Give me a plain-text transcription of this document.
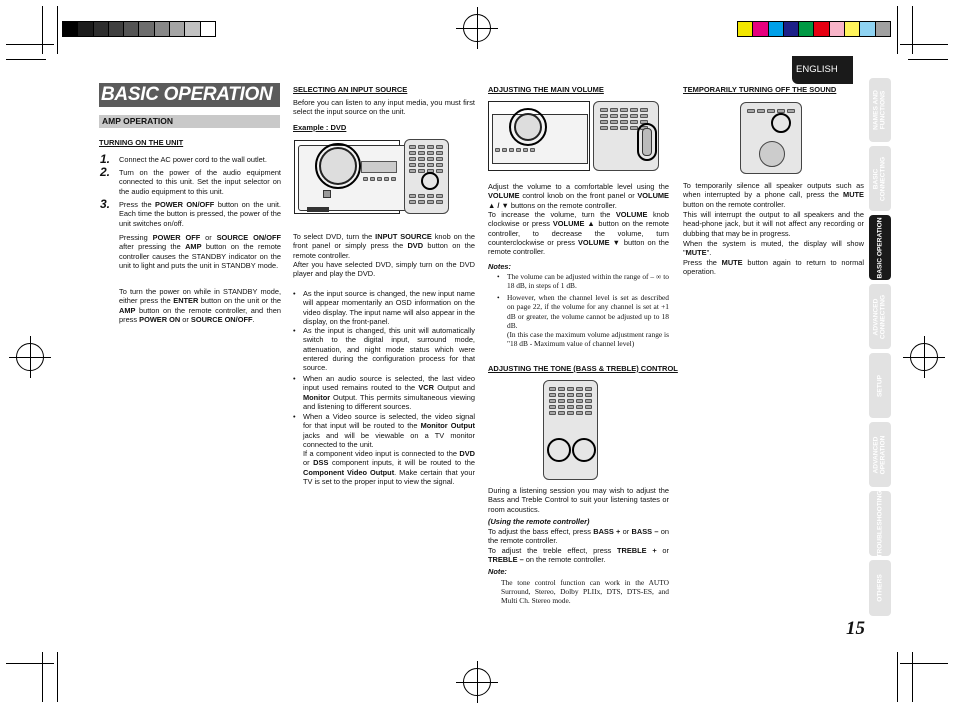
ENGLISH
BASIC OPERATION
AMP OPERATION	NAMES AND
FUNCTIONS
BASIC
CONNECTING
BASIC OPERATION
ADVANCED
CONNECTING
SETUP
ADVANCED
OPERATION
TROUBLESHOOTING
OTHERS
15
TURNING ON THE UNIT
1. Connect the AC power cord to the wall outlet.
2. Turn on the power of the audio equipment connected to this unit. Set the input selector on the audio equipment to this unit.
3. Press the POWER ON/OFF button on the unit. Each time the button is pressed, the power of the unit switches on/off.
Pressing POWER OFF or SOURCE ON/OFF after pressing the AMP button on the remote controller causes the STANDBY indicator on the unit to light and puts the unit in STANDBY mode.
To turn the power on while in STANDBY mode, either press the ENTER button on the unit or the AMP button on the remote controller, and then press POWER ON or SOURCE ON/OFF.
SELECTING AN INPUT SOURCE
Before you can listen to any input media, you must first select the input source on the unit.
Example : DVD
To select DVD, turn the INPUT SOURCE knob on the front panel or simply press the DVD button on the remote controller.
After you have selected DVD, simply turn on the DVD player and play the DVD.
• As the input source is changed, the new input name will appear momentarily an OSD information on the video display. The input name will also appear in the display, on the front-panel.
• As the input is changed, this unit will automatically switch to the digital input, surround mode, attenuation, and night mode status which were entered during the configuration process for that source.
• When an audio source is selected, the last video input used remains routed to the VCR Output and Monitor Output. This permits simultaneous viewing and listening to different sources.
• When a Video source is selected, the video signal for that input will be routed to the Monitor Output jacks and will be viewable on a TV monitor connected to the unit.
If a component video input is connected to the DVD or DSS component inputs, it will be routed to the Component Video Output. Make certain that your TV is set to the proper input to view the signal.
ADJUSTING THE MAIN VOLUME
Adjust the volume to a comfortable level using the VOLUME control knob on the front panel or VOLUME ▲ / ▼ buttons on the remote controller.
To increase the volume, turn the VOLUME knob clockwise or press VOLUME ▲ button on the remote controller, to decrease the volume, turn counterclockwise or press VOLUME ▼ button on the remote controller.
Notes:
• The volume can be adjusted within the range of – ∞ to 18 dB, in steps of 1 dB.
• However, when the channel level is set as described on page 22, if the volume for any channel is set at +1 dB or greater, the volume cannot be adjusted up to 18 dB.
(In this case the maximum volume adjustment range is "18 dB - Maximum value of channel level)
ADJUSTING THE TONE (BASS & TREBLE) CONTROL
During a listening session you may wish to adjust the Bass and Treble Control to suit your listening tastes or room acoustics.
(Using the remote controller)
To adjust the bass effect, press BASS + or BASS – on the remote controller.
To adjust the treble effect, press TREBLE + or TREBLE – on the remote controller.
Note:
The tone control function can work in the AUTO Surround, Stereo, Dolby PLIIx, DTS, DTS-ES, and Multi Ch. Stereo mode.
TEMPORARILY TURNING OFF THE SOUND
To temporarily silence all speaker outputs such as when interrupted by a phone call, press the MUTE button on the remote controller.
This will interrupt the output to all speakers and the head-phone jack, but it will not affect any recording or dubbing that may be in progress.
When the system is muted, the display will show "MUTE".
Press the MUTE button again to return to normal operation.
